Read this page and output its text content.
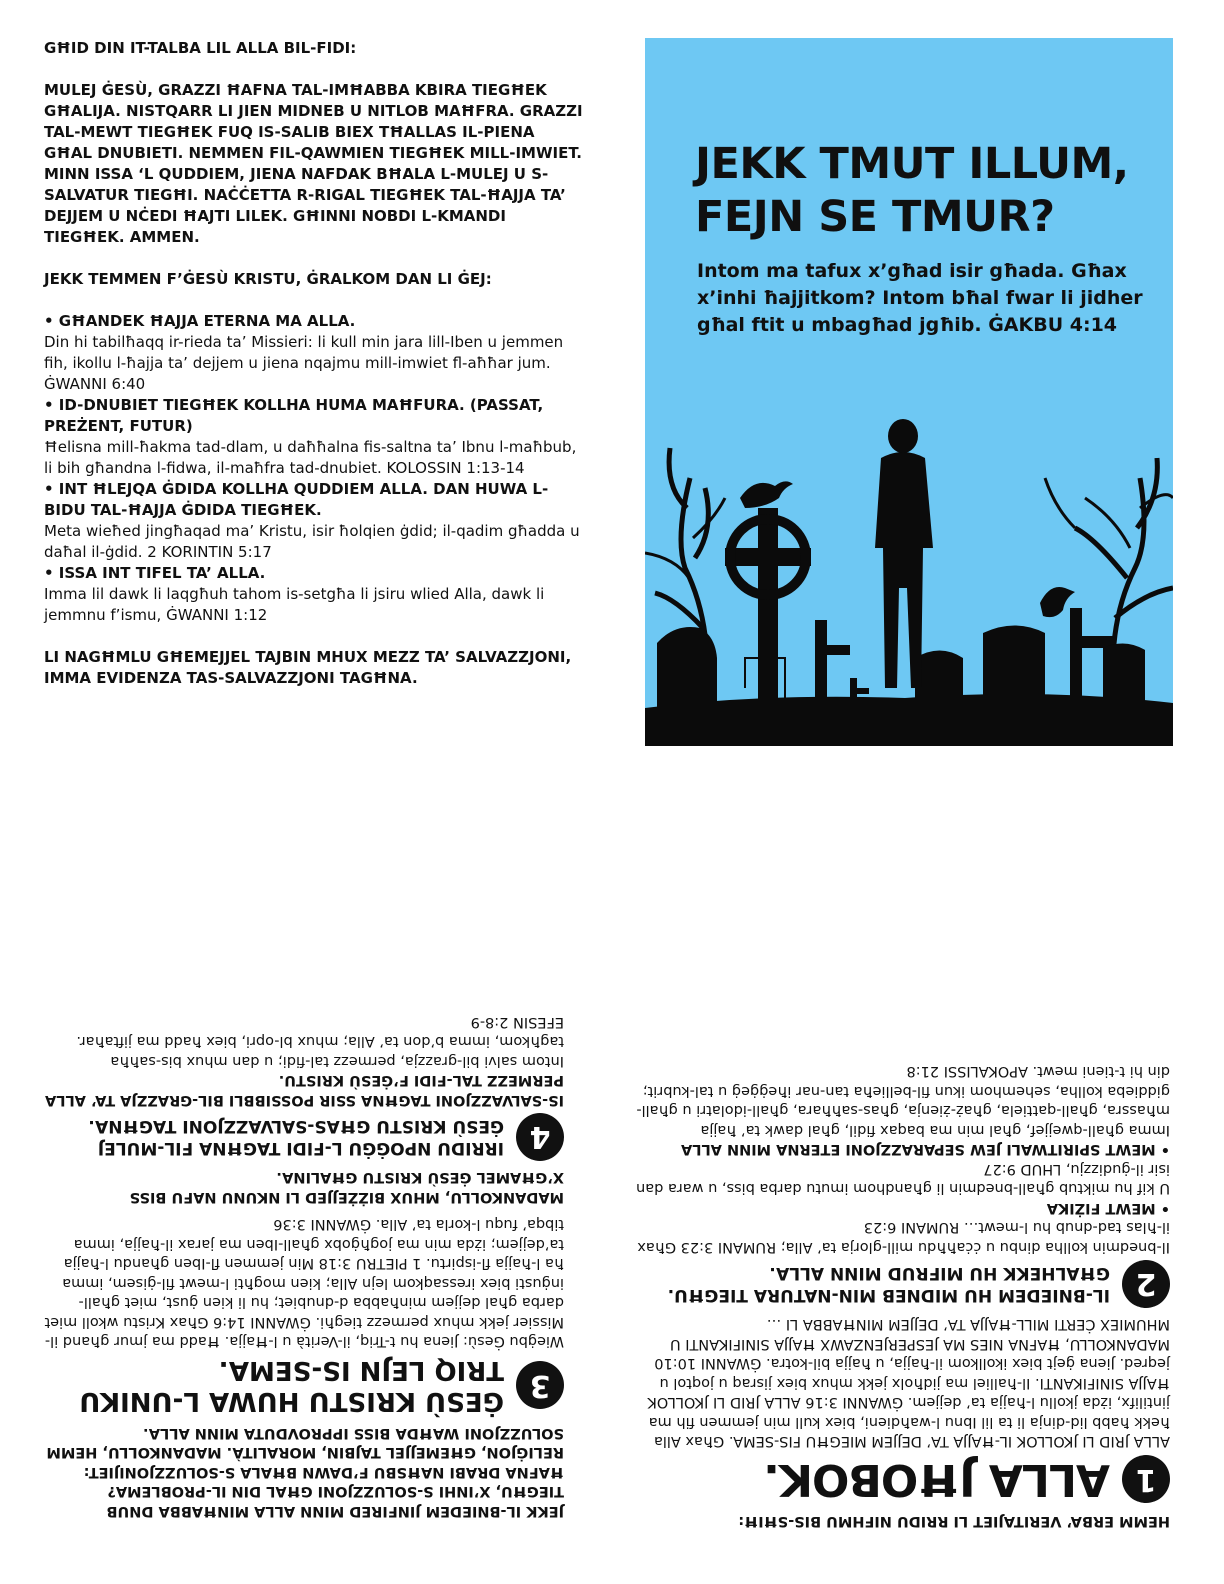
GĦID DIN IT-TALBA LIL ALLA BIL-FIDI:

MULEJ ĠESÙ, GRAZZI ĦAFNA TAL-IMĦABBA KBIRA TIEGĦEK GĦALIJA. NISTQARR LI JIEN MIDNEB U NITLOB MAĦFRA. GRAZZI TAL-MEWT TIEGĦEK FUQ IS-SALIB BIEX TĦALLAS IL-PIENA GĦAL DNUBIETI. NEMMEN FIL-QAWMIEN TIEGĦEK MILL-IMWIET. MINN ISSA ‘L QUDDIEM, JIENA NAFDAK BĦALA L-MULEJ U S-SALVATUR TIEGĦI. NAĊĊETTA R-RIGAL TIEGĦEK TAL-ĦAJJA TA’ DEJJEM U NĊEDI ĦAJTI LILEK. GĦINNI NOBDI L-KMANDI TIEGĦEK. AMMEN.

JEKK TEMMEN F’ĠESÙ KRISTU, ĠRALKOM DAN LI ĠEJ:

• GĦANDEK ĦAJJA ETERNA MA ALLA.

Din hi tabilħaqq ir-rieda ta’ Missieri: li kull min jara lill-Iben u jemmen fih, ikollu l-ħajja ta’ dejjem u jiena nqajmu mill-imwiet fl-aħħar jum. ĠWANNI 6:40

• ID-DNUBIET TIEGĦEK KOLLHA HUMA MAĦFURA. (PASSAT, PREŻENT, FUTUR)

Ħelisna mill-ħakma tad-dlam, u daħħalna fis-saltna ta’ Ibnu l-maħbub, li bih għandna l-fidwa, il-maħfra tad-dnubiet. KOLOSSIN 1:13-14

• INT ĦLEJQA ĠDIDA KOLLHA QUDDIEM ALLA. DAN HUWA L-BIDU TAL-ĦAJJA ĠDIDA TIEGĦEK.

Meta wieħed jingħaqad ma’ Kristu, isir ħolqien ġdid; il-qadim għadda u daħal il-ġdid. 2 KORINTIN 5:17

• ISSA INT TIFEL TA’ ALLA.

Imma lil dawk li laqgħuh tahom is-setgħa li jsiru wlied Alla, dawk li jemmnu f’ismu, ĠWANNI 1:12

LI NAGĦMLU GĦEMEJJEL TAJBIN MHUX MEZZ TA’ SALVAZZJONI, IMMA EVIDENZA TAS-SALVAZZJONI TAGĦNA.

JEKK TMUT ILLUM, FEJN SE TMUR?

Intom ma tafux x’għad isir għada. Għax x’inhi ħajjitkom? Intom bħal fwar li jidher għal ftit u mbagħad jgħib. ĠAKBU 4:14

JEKK IL-BNIEDEM JINFIRED MINN ALLA MINĦABBA DNUB TIEGĦU, X’INHI S-SOLUZZJONI GĦAL DIN IL-PROBLEMA? ĦAFNA DRABI NAĦSBU F’DAWN BĦALA S-SOLUZZJONIJIET: RELIĠJON, GĦEMEJJEL TAJBIN, MORALITÀ. MADANKOLLU, HEMM SOLUZZJONI WAĦDA BISS IPPROVDUTA MINN ALLA.

3

ĠESÙ KRISTU HUWA L-UNIKU TRIQ LEJN IS-SEMA.

Wieġbu Ġesù: Jiena hu t-Triq, il-Verità u l-Ħajja. Ħadd ma jmur għand il-Missier jekk mhux permezz tiegħi. ĠWANNI 14:6 Għax Kristu wkoll miet darba għal dejjem minħabba d-dnubiet; hu li kien ġust, miet għall-inġusti biex iressaqkom lejn Alla; kien mogħti l-mewt fil-ġisem, imma ħa l-ħajja fl-ispirtu. 1 PIETRU 3:18 Min jemmen fl-Iben għandu l-ħajja ta’dejjem; iżda min ma jogħġobx għall-Iben ma jarax il-ħajja, imma tibqa’ fuqu l-korla ta’ Alla. ĠWANNI 3:36

MADANKOLLU, MHUX BIŻŻEJJED LI NKUNU NAFU BISS X’GĦAMEL ĠESÙ KRISTU GĦALINA.

4

IRRIDU NPOĠĠU L-FIDI TAGĦNA FIL-MULEJ ĠESÙ KRISTU GĦAS-SALVAZZJONI TAGĦNA.

IS-SALVAZZJONI TAGĦNA SSIR POSSIBBLI BIL-GRAZZJA TA’ ALLA PERMEZZ TAL-FIDI F’ĠESÙ KRISTU.

Intom salvi bil-grazzja, permezz tal-fidi; u dan mhux bis-saħħa tagħkom, imma b’don ta’ Alla; mhux bl-opri, biex ħadd ma jiftaħar. EFESIN 2:8-9

HEMM ERBA’ VERITAJIET LI RRIDU NIFHMU BIS-SĦIĦ:

1

ALLA JĦOBOK.

ALLA JRID LI JKOLLOK IL-ĦAJJA TA’ DEJJEM MIEGĦU FIS-SEMA. Għax Alla ħekk ħabb lid-dinja li ta lil Ibnu l-waħdieni, biex kull min jemmen fih ma jintilifx, iżda jkollu l-ħajja ta’ dejjem. ĠWANNI 3:16 ALLA JRID LI JKOLLOK ĦAJJA SINIFIKANTI. Il-ħalliel ma jidħolx jekk mhux biex jisraq u joqtol u jeqred. Jiena ġejt biex ikollkom il-ħajja, u ħajja bil-kotra. ĠWANNI 10:10 MADANKOLLU, ĦAFNA NIES MA JESPERJENZAWX ĦAJJA SINIFIKANTI U MHUMIEX ĊERTI MILL-ĦAJJA TA’ DEJJEM MINĦABBA LI …

2

IL-BNIEDEM HU MIDNEB MIN-NATURA TIEGĦU. GĦALHEKK HU MIFRUD MINN ALLA.

Il-bnedmin kollha dinbu u ċċaħħdu mill-glorja ta’ Alla; RUMANI 3:23 Għax il-ħlas tad-dnub hu l-mewt… RUMANI 6:23

• MEWT FIŻIKA

U kif hu miktub għall-bnedmin li għandhom imutu darba biss, u wara dan isir il-ġudizzju, LHUD 9:27

• MEWT SPIRITWALI JEW SEPARAZZJONI ETERNA MINN ALLA

Imma għall-qwejjef, għal min ma baqax fidil, għal dawk ta’ ħajja mħassra, għall-qattiela, għaż-żienja, għas-saħħara, għall-idolatri u għall-giddieba kollha, sehemhom ikun fil-bellieħa tan-nar iħeġġeġ u tal-kubrit; din hi t-tieni mewt. APOKALISSI 21:8
